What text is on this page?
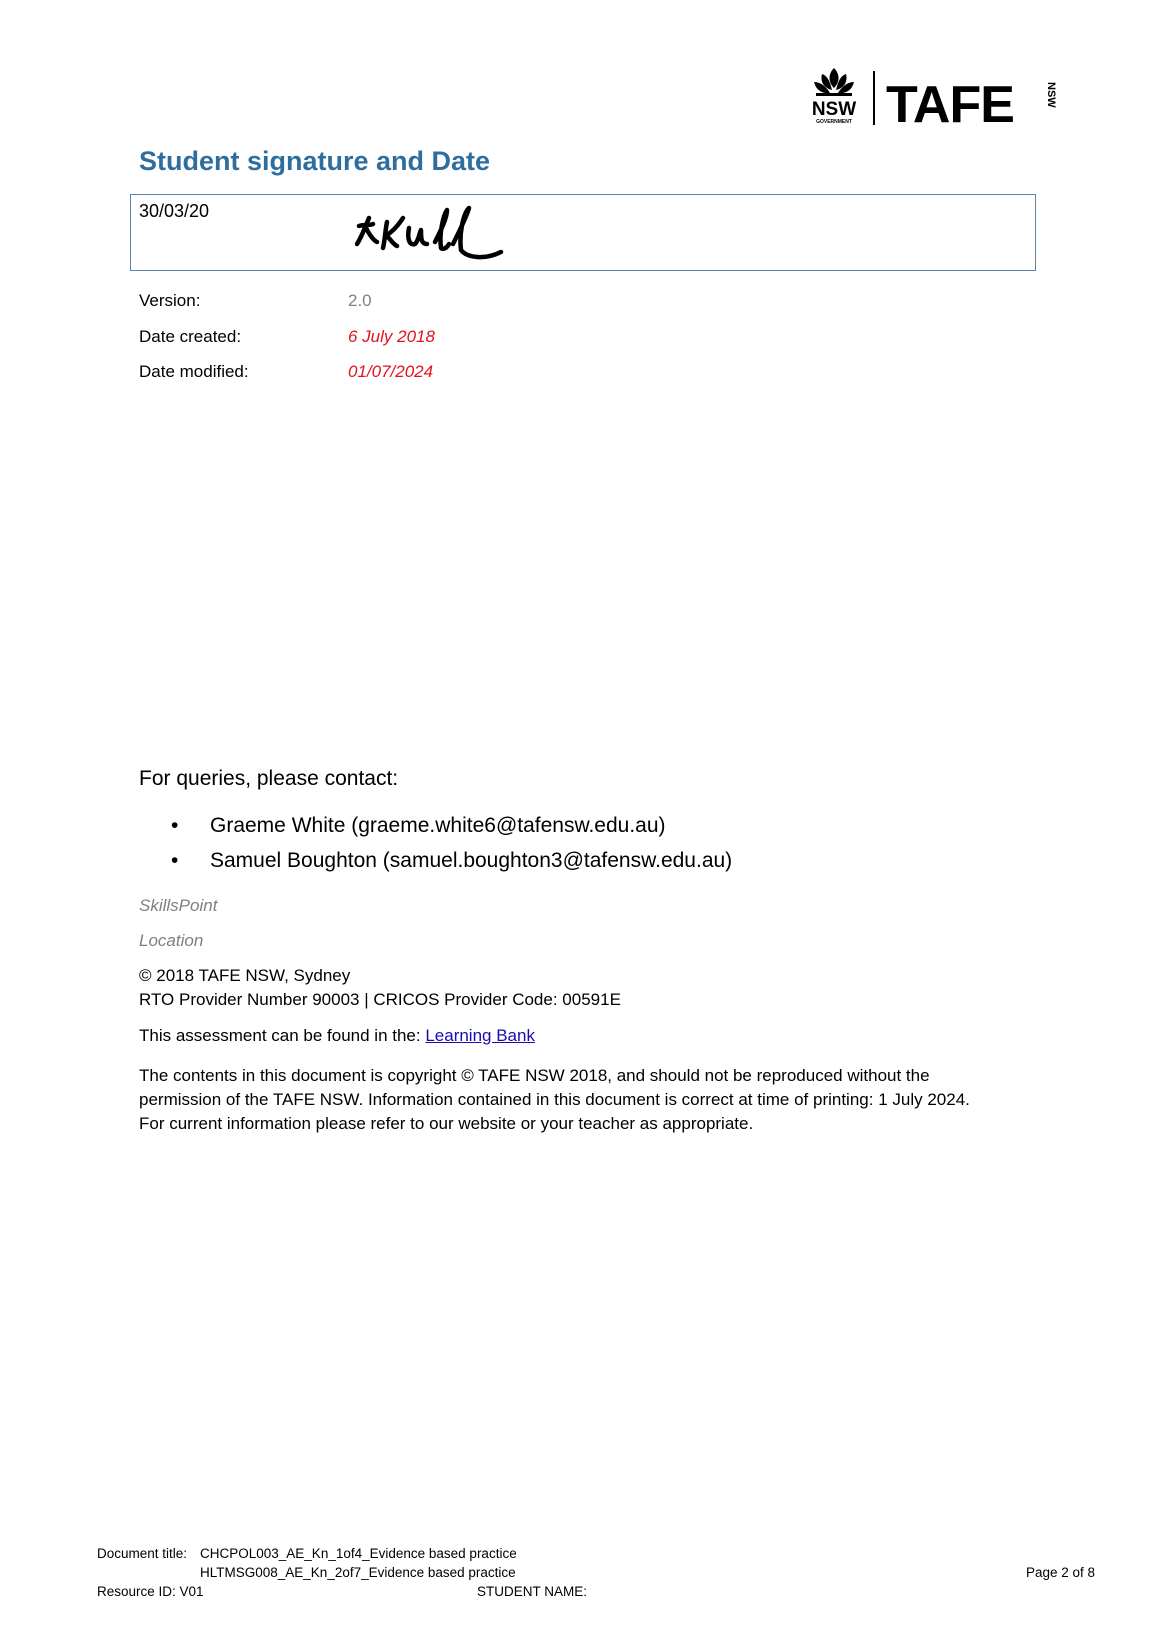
NSW
GOVERNMENT TAFE	NSW
Student signature and Date
30/03/20
Version:	2.0
Date created:	6 July 2018
Date modified:	01/07/2024
For queries, please contact:
• Graeme White (graeme.white6@tafensw.edu.au)
• Samuel Boughton (samuel.boughton3@tafensw.edu.au)
SkillsPoint
Location
© 2018 TAFE NSW, Sydney
RTO Provider Number 90003 | CRICOS Provider Code: 00591E
This assessment can be found in the: Learning Bank
The contents in this document is copyright © TAFE NSW 2018, and should not be reproduced without the
permission of the TAFE NSW. Information contained in this document is correct at time of printing: 1 July 2024.
For current information please refer to our website or your teacher as appropriate.
Document title: CHCPOL003_AE_Kn_1of4_Evidence based practice
HLTMSG008_AE_Kn_2of7_Evidence based practice
Resource ID: V01	STUDENT NAME:
Page 2 of 8
